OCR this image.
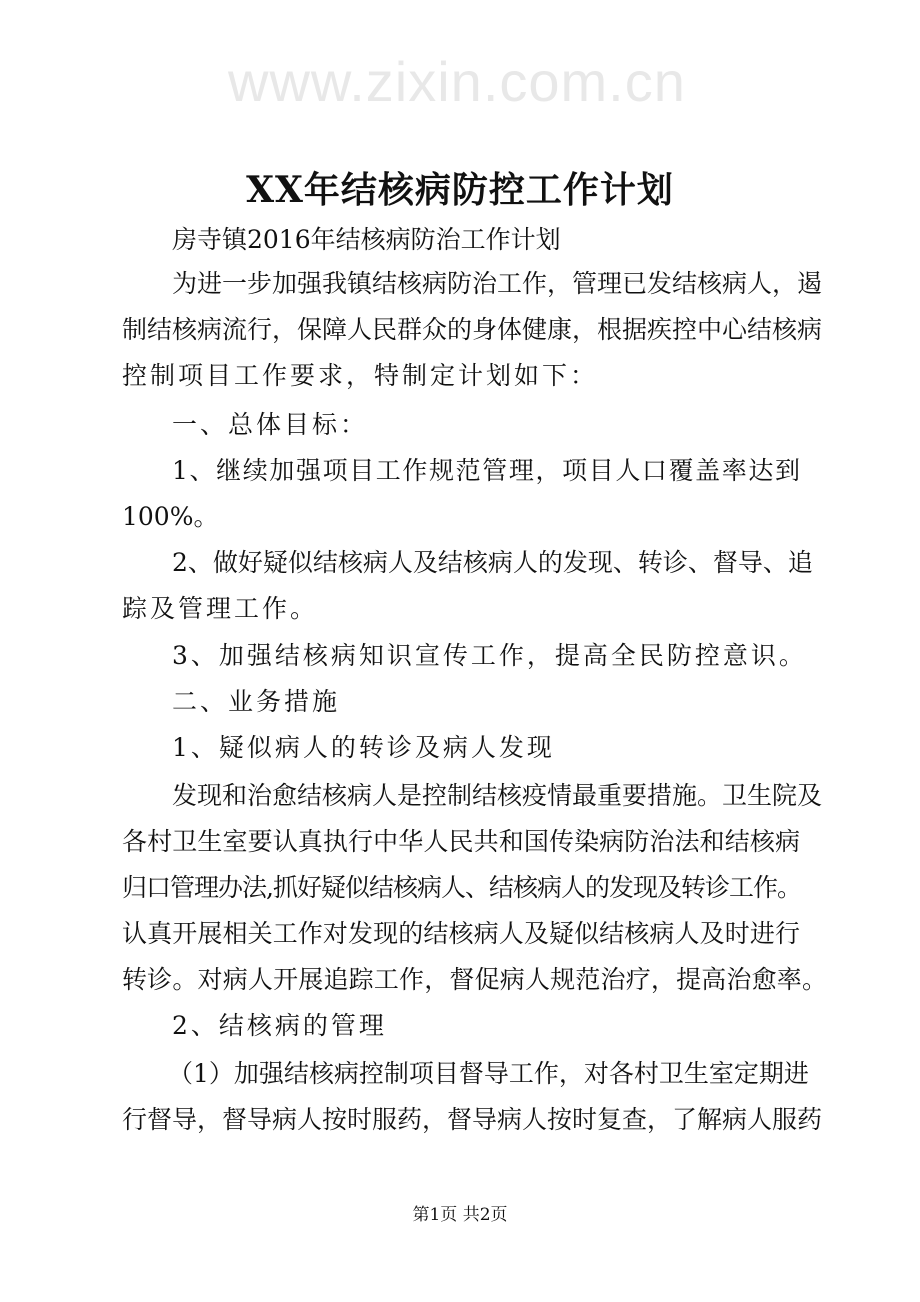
www.zixin.com.cn
XX年结核病防控工作计划
房寺镇2016年结核病防治工作计划
为进一步加强我镇结核病防治工作，管理已发结核病人，遏
制结核病流行，保障人民群众的身体健康，根据疾控中心结核病
控制项目工作要求，特制定计划如下：
一、总体目标：
1、继续加强项目工作规范管理，项目人口覆盖率达到
100%。
2、做好疑似结核病人及结核病人的发现、转诊、督导、追
踪及管理工作。
3、加强结核病知识宣传工作，提高全民防控意识。
二、业务措施
1、疑似病人的转诊及病人发现
发现和治愈结核病人是控制结核疫情最重要措施。卫生院及
各村卫生室要认真执行中华人民共和国传染病防治法和结核病
归口管理办法,抓好疑似结核病人、结核病人的发现及转诊工作。
认真开展相关工作对发现的结核病人及疑似结核病人及时进行
转诊。对病人开展追踪工作，督促病人规范治疗，提高治愈率。
2、结核病的管理
（1）加强结核病控制项目督导工作，对各村卫生室定期进
行督导，督导病人按时服药，督导病人按时复查，了解病人服药
第1页 共2页
